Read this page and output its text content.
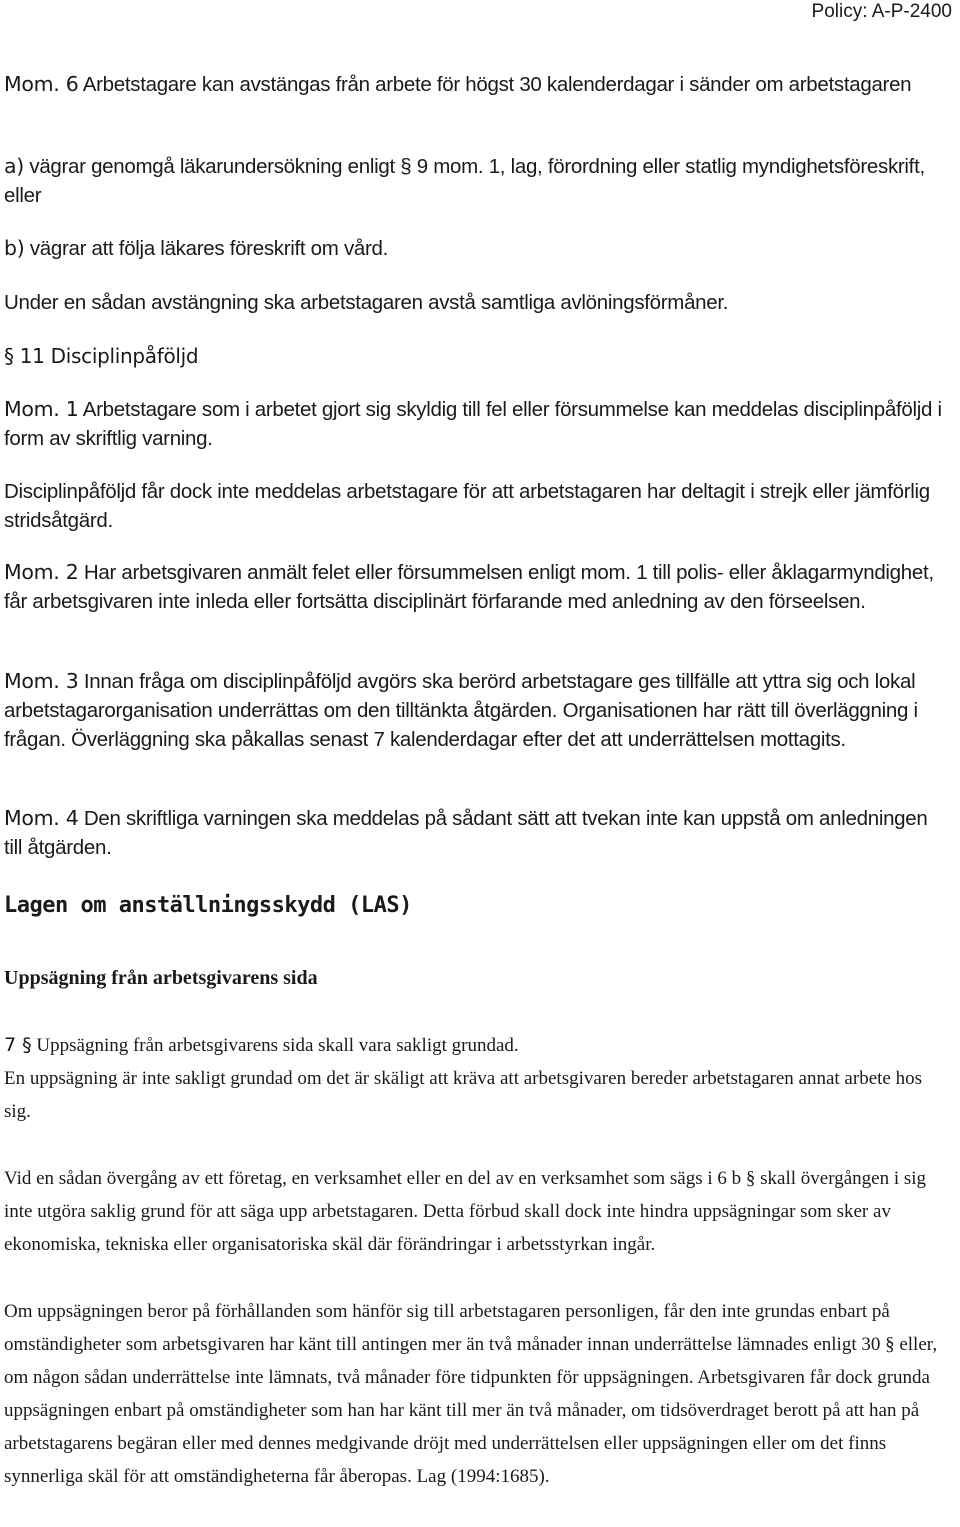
Policy: A-P-2400

Mom. 6 Arbetstagare kan avstängas från arbete för högst 30 kalenderdagar i sänder om arbetstagaren

a) vägrar genomgå läkarundersökning enligt § 9 mom. 1, lag, förordning eller statlig myndighetsföreskrift, eller

b) vägrar att följa läkares föreskrift om vård.

Under en sådan avstängning ska arbetstagaren avstå samtliga avlöningsförmåner.

§ 11 Disciplinpåföljd

Mom. 1 Arbetstagare som i arbetet gjort sig skyldig till fel eller försummelse kan meddelas disciplinpåföljd i form av skriftlig varning.

Disciplinpåföljd får dock inte meddelas arbetstagare för att arbetstagaren har deltagit i strejk eller jämförlig stridsåtgärd.

Mom. 2 Har arbetsgivaren anmält felet eller försummelsen enligt mom. 1 till polis- eller åklagarmyndighet, får arbetsgivaren inte inleda eller fortsätta disciplinärt förfarande med anledning av den förseelsen.

Mom. 3 Innan fråga om disciplinpåföljd avgörs ska berörd arbetstagare ges tillfälle att yttra sig och lokal arbetstagarorganisation underrättas om den tilltänkta åtgärden. Organisationen har rätt till överläggning i frågan. Överläggning ska påkallas senast 7 kalenderdagar efter det att underrättelsen mottagits.

Mom. 4 Den skriftliga varningen ska meddelas på sådant sätt att tvekan inte kan uppstå om anledningen till åtgärden.

Lagen om anställningsskydd (LAS)

Uppsägning från arbetsgivarens sida

7 § Uppsägning från arbetsgivarens sida skall vara sakligt grundad.

En uppsägning är inte sakligt grundad om det är skäligt att kräva att arbetsgivaren bereder arbetstagaren annat arbete hos sig.

Vid en sådan övergång av ett företag, en verksamhet eller en del av en verksamhet som sägs i 6 b § skall övergången i sig inte utgöra saklig grund för att säga upp arbetstagaren. Detta förbud skall dock inte hindra uppsägningar som sker av ekonomiska, tekniska eller organisatoriska skäl där förändringar i arbetsstyrkan ingår.

Om uppsägningen beror på förhållanden som hänför sig till arbetstagaren personligen, får den inte grundas enbart på omständigheter som arbetsgivaren har känt till antingen mer än två månader innan underrättelse lämnades enligt 30 § eller, om någon sådan underrättelse inte lämnats, två månader före tidpunkten för uppsägningen. Arbetsgivaren får dock grunda uppsägningen enbart på omständigheter som han har känt till mer än två månader, om tidsöverdraget berott på att han på arbetstagarens begäran eller med dennes medgivande dröjt med underrättelsen eller uppsägningen eller om det finns synnerliga skäl för att omständigheterna får åberopas. Lag (1994:1685).
